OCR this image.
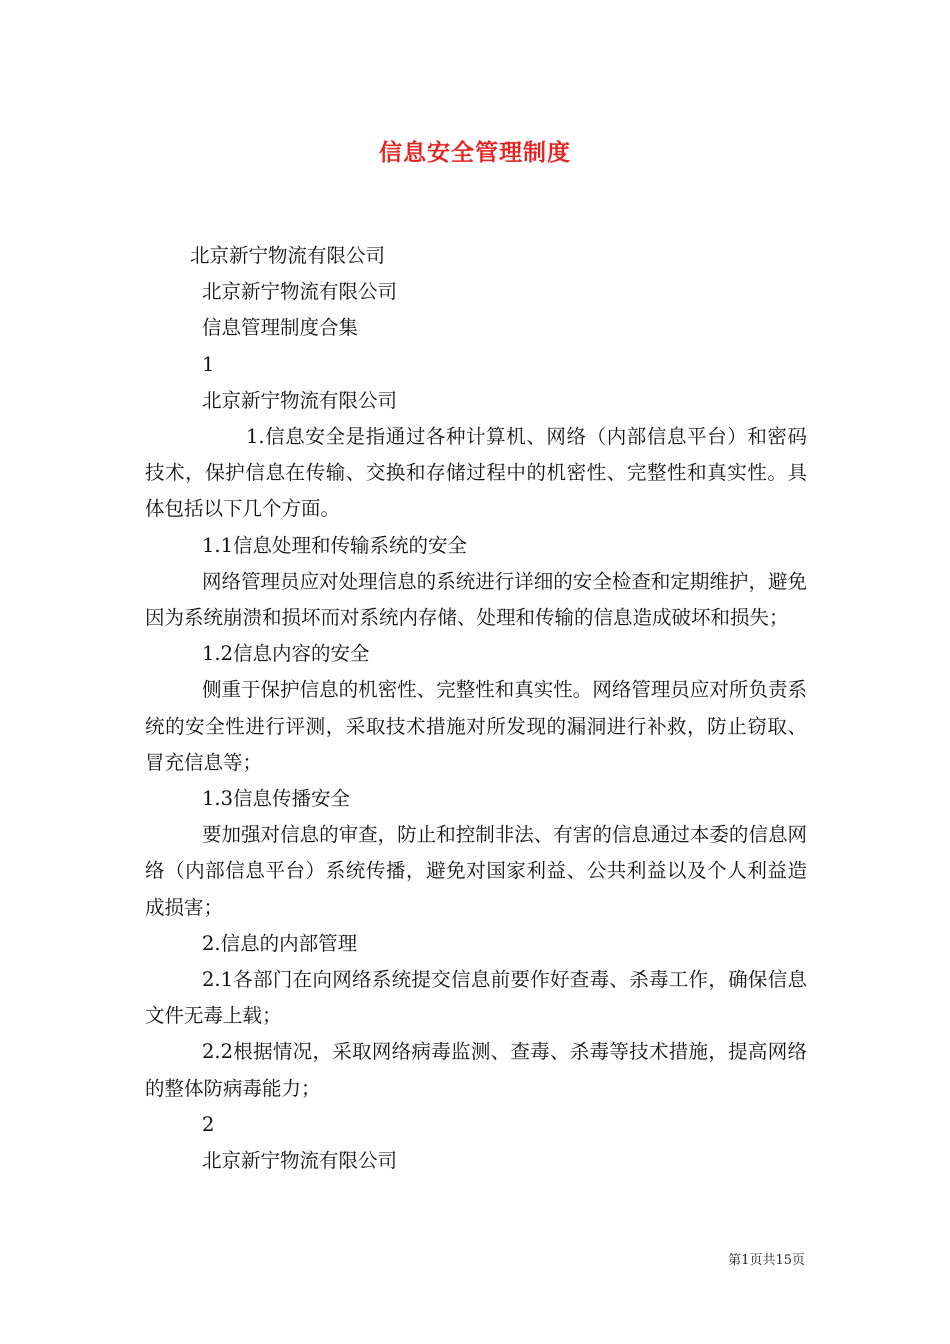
信息安全管理制度

北京新宁物流有限公司

北京新宁物流有限公司

信息管理制度合集

1

北京新宁物流有限公司

1.信息安全是指通过各种计算机、网络（内部信息平台）和密码技术，保护信息在传输、交换和存储过程中的机密性、完整性和真实性。具体包括以下几个方面。

1.1信息处理和传输系统的安全

网络管理员应对处理信息的系统进行详细的安全检查和定期维护，避免因为系统崩溃和损坏而对系统内存储、处理和传输的信息造成破坏和损失；

1.2信息内容的安全

侧重于保护信息的机密性、完整性和真实性。网络管理员应对所负责系统的安全性进行评测，采取技术措施对所发现的漏洞进行补救，防止窃取、冒充信息等；

1.3信息传播安全

要加强对信息的审查，防止和控制非法、有害的信息通过本委的信息网络（内部信息平台）系统传播，避免对国家利益、公共利益以及个人利益造成损害；

2.信息的内部管理

2.1各部门在向网络系统提交信息前要作好查毒、杀毒工作，确保信息文件无毒上载；

2.2根据情况，采取网络病毒监测、查毒、杀毒等技术措施，提高网络的整体防病毒能力；

2

北京新宁物流有限公司

第1页共15页
